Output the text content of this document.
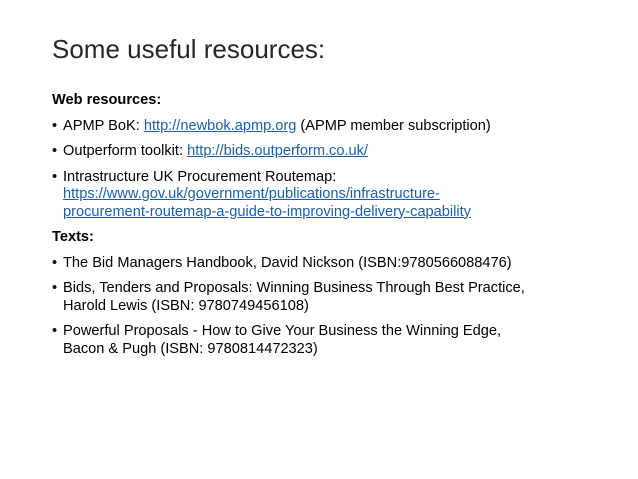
Some useful resources:
Web resources:
• APMP BoK: http://newbok.apmp.org (APMP member subscription)
• Outperform toolkit: http://bids.outperform.co.uk/
• Intrastructure UK Procurement Routemap:
https://www.gov.uk/government/publications/infrastructure-
procurement-routemap-a-guide-to-improving-delivery-capability
Texts:
• The Bid Managers Handbook, David Nickson (ISBN:9780566088476)
• Bids, Tenders and Proposals: Winning Business Through Best Practice,
Harold Lewis (ISBN: 9780749456108)
• Powerful Proposals - How to Give Your Business the Winning Edge,
Bacon & Pugh (ISBN: 9780814472323)
